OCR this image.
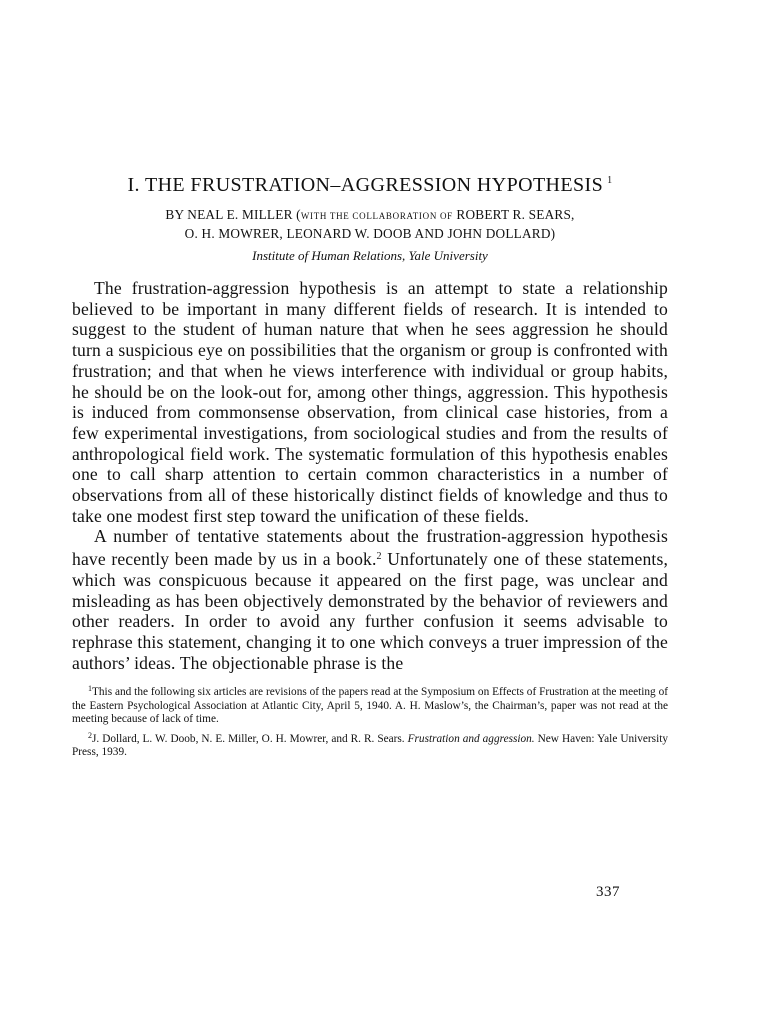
I. THE FRUSTRATION–AGGRESSION HYPOTHESIS $^1$
BY NEAL E. MILLER (WITH THE COLLABORATION OF ROBERT R. SEARS,
O. H. MOWRER, LEONARD W. DOOB AND JOHN DOLLARD)
Institute of Human Relations, Yale University

The frustration-aggression hypothesis is an attempt to state a relationship believed to be important in many different fields of research. It is intended to suggest to the student of human nature that when he sees aggression he should turn a suspicious eye on possibilities that the organism or group is confronted with frustration; and that when he views interference with individual or group habits, he should be on the look-out for, among other things, aggression. This hypothesis is induced from commonsense observation, from clinical case histories, from a few experimental investigations, from sociological studies and from the results of anthropological field work. The systematic formulation of this hypothesis enables one to call sharp attention to certain common characteristics in a number of observations from all of these historically distinct fields of knowledge and thus to take one modest first step toward the unification of these fields.

A number of tentative statements about the frustration-aggression hypothesis have recently been made by us in a book.$^2$ Unfortunately one of these statements, which was conspicuous because it appeared on the first page, was unclear and misleading as has been objectively demonstrated by the behavior of reviewers and other readers. In order to avoid any further confusion it seems advisable to rephrase this statement, changing it to one which conveys a truer impression of the authors’ ideas. The objectionable phrase is the

$^1$This and the following six articles are revisions of the papers read at the Symposium on Effects of Frustration at the meeting of the Eastern Psychological Association at Atlantic City, April 5, 1940. A. H. Maslow’s, the Chairman’s, paper was not read at the meeting because of lack of time.

$^2$J. Dollard, L. W. Doob, N. E. Miller, O. H. Mowrer, and R. R. Sears. Frustration and aggression. New Haven: Yale University Press, 1939.

337
